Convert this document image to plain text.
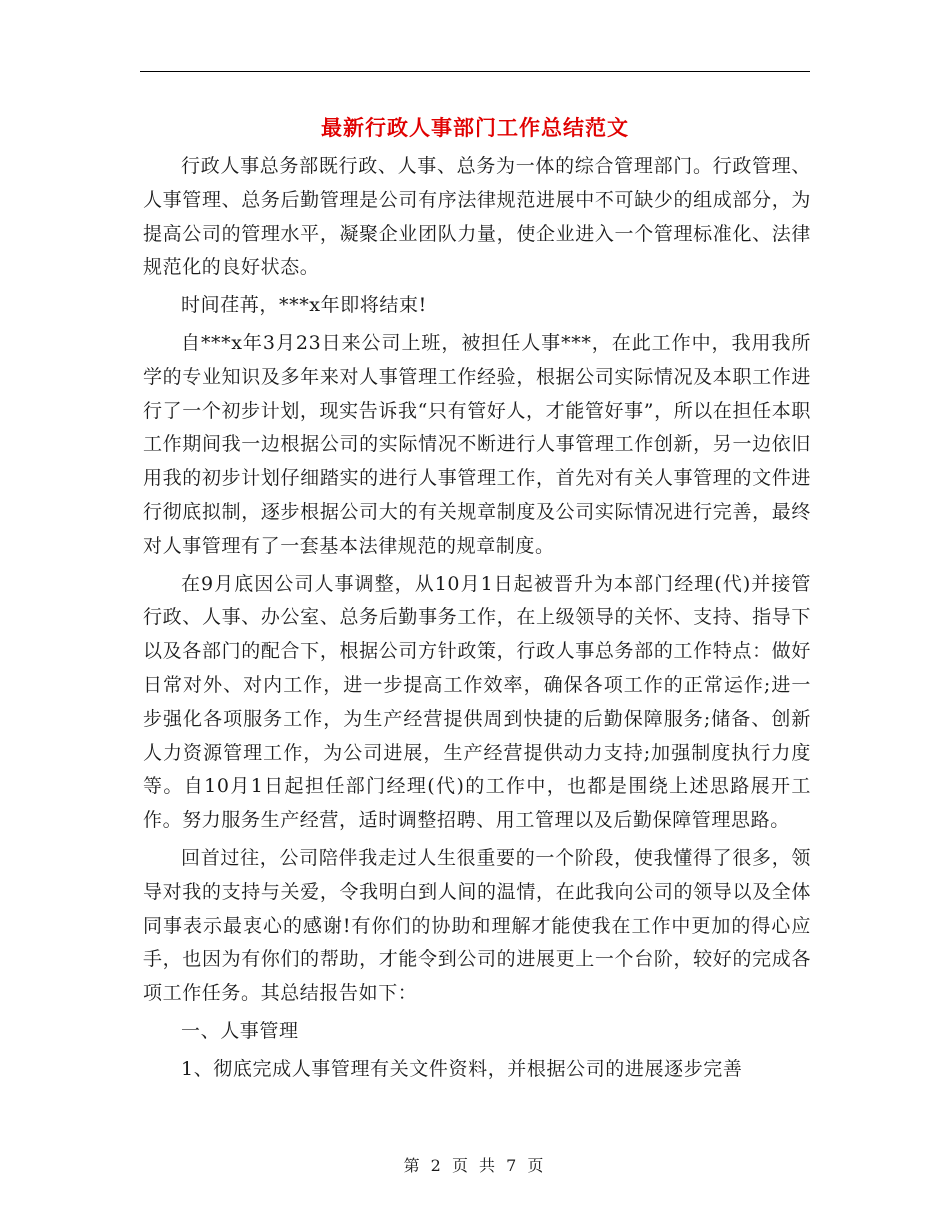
最新行政人事部门工作总结范文

行政人事总务部既行政、人事、总务为一体的综合管理部门。行政管理、人事管理、总务后勤管理是公司有序法律规范进展中不可缺少的组成部分，为提高公司的管理水平，凝聚企业团队力量，使企业进入一个管理标准化、法律规范化的良好状态。

时间荏苒，***x年即将结束!

自***x年3月23日来公司上班，被担任人事***，在此工作中，我用我所学的专业知识及多年来对人事管理工作经验，根据公司实际情况及本职工作进行了一个初步计划，现实告诉我“只有管好人，才能管好事”，所以在担任本职工作期间我一边根据公司的实际情况不断进行人事管理工作创新，另一边依旧用我的初步计划仔细踏实的进行人事管理工作，首先对有关人事管理的文件进行彻底拟制，逐步根据公司大的有关规章制度及公司实际情况进行完善，最终对人事管理有了一套基本法律规范的规章制度。

在9月底因公司人事调整，从10月1日起被晋升为本部门经理(代)并接管行政、人事、办公室、总务后勤事务工作，在上级领导的关怀、支持、指导下以及各部门的配合下，根据公司方针政策，行政人事总务部的工作特点：做好日常对外、对内工作，进一步提高工作效率，确保各项工作的正常运作;进一步强化各项服务工作，为生产经营提供周到快捷的后勤保障服务;储备、创新人力资源管理工作，为公司进展，生产经营提供动力支持;加强制度执行力度等。自10月1日起担任部门经理(代)的工作中，也都是围绕上述思路展开工作。努力服务生产经营，适时调整招聘、用工管理以及后勤保障管理思路。

回首过往，公司陪伴我走过人生很重要的一个阶段，使我懂得了很多，领导对我的支持与关爱，令我明白到人间的温情，在此我向公司的领导以及全体同事表示最衷心的感谢!有你们的协助和理解才能使我在工作中更加的得心应手，也因为有你们的帮助，才能令到公司的进展更上一个台阶，较好的完成各项工作任务。其总结报告如下：

一、人事管理

1、彻底完成人事管理有关文件资料，并根据公司的进展逐步完善

第 2 页 共 7 页
